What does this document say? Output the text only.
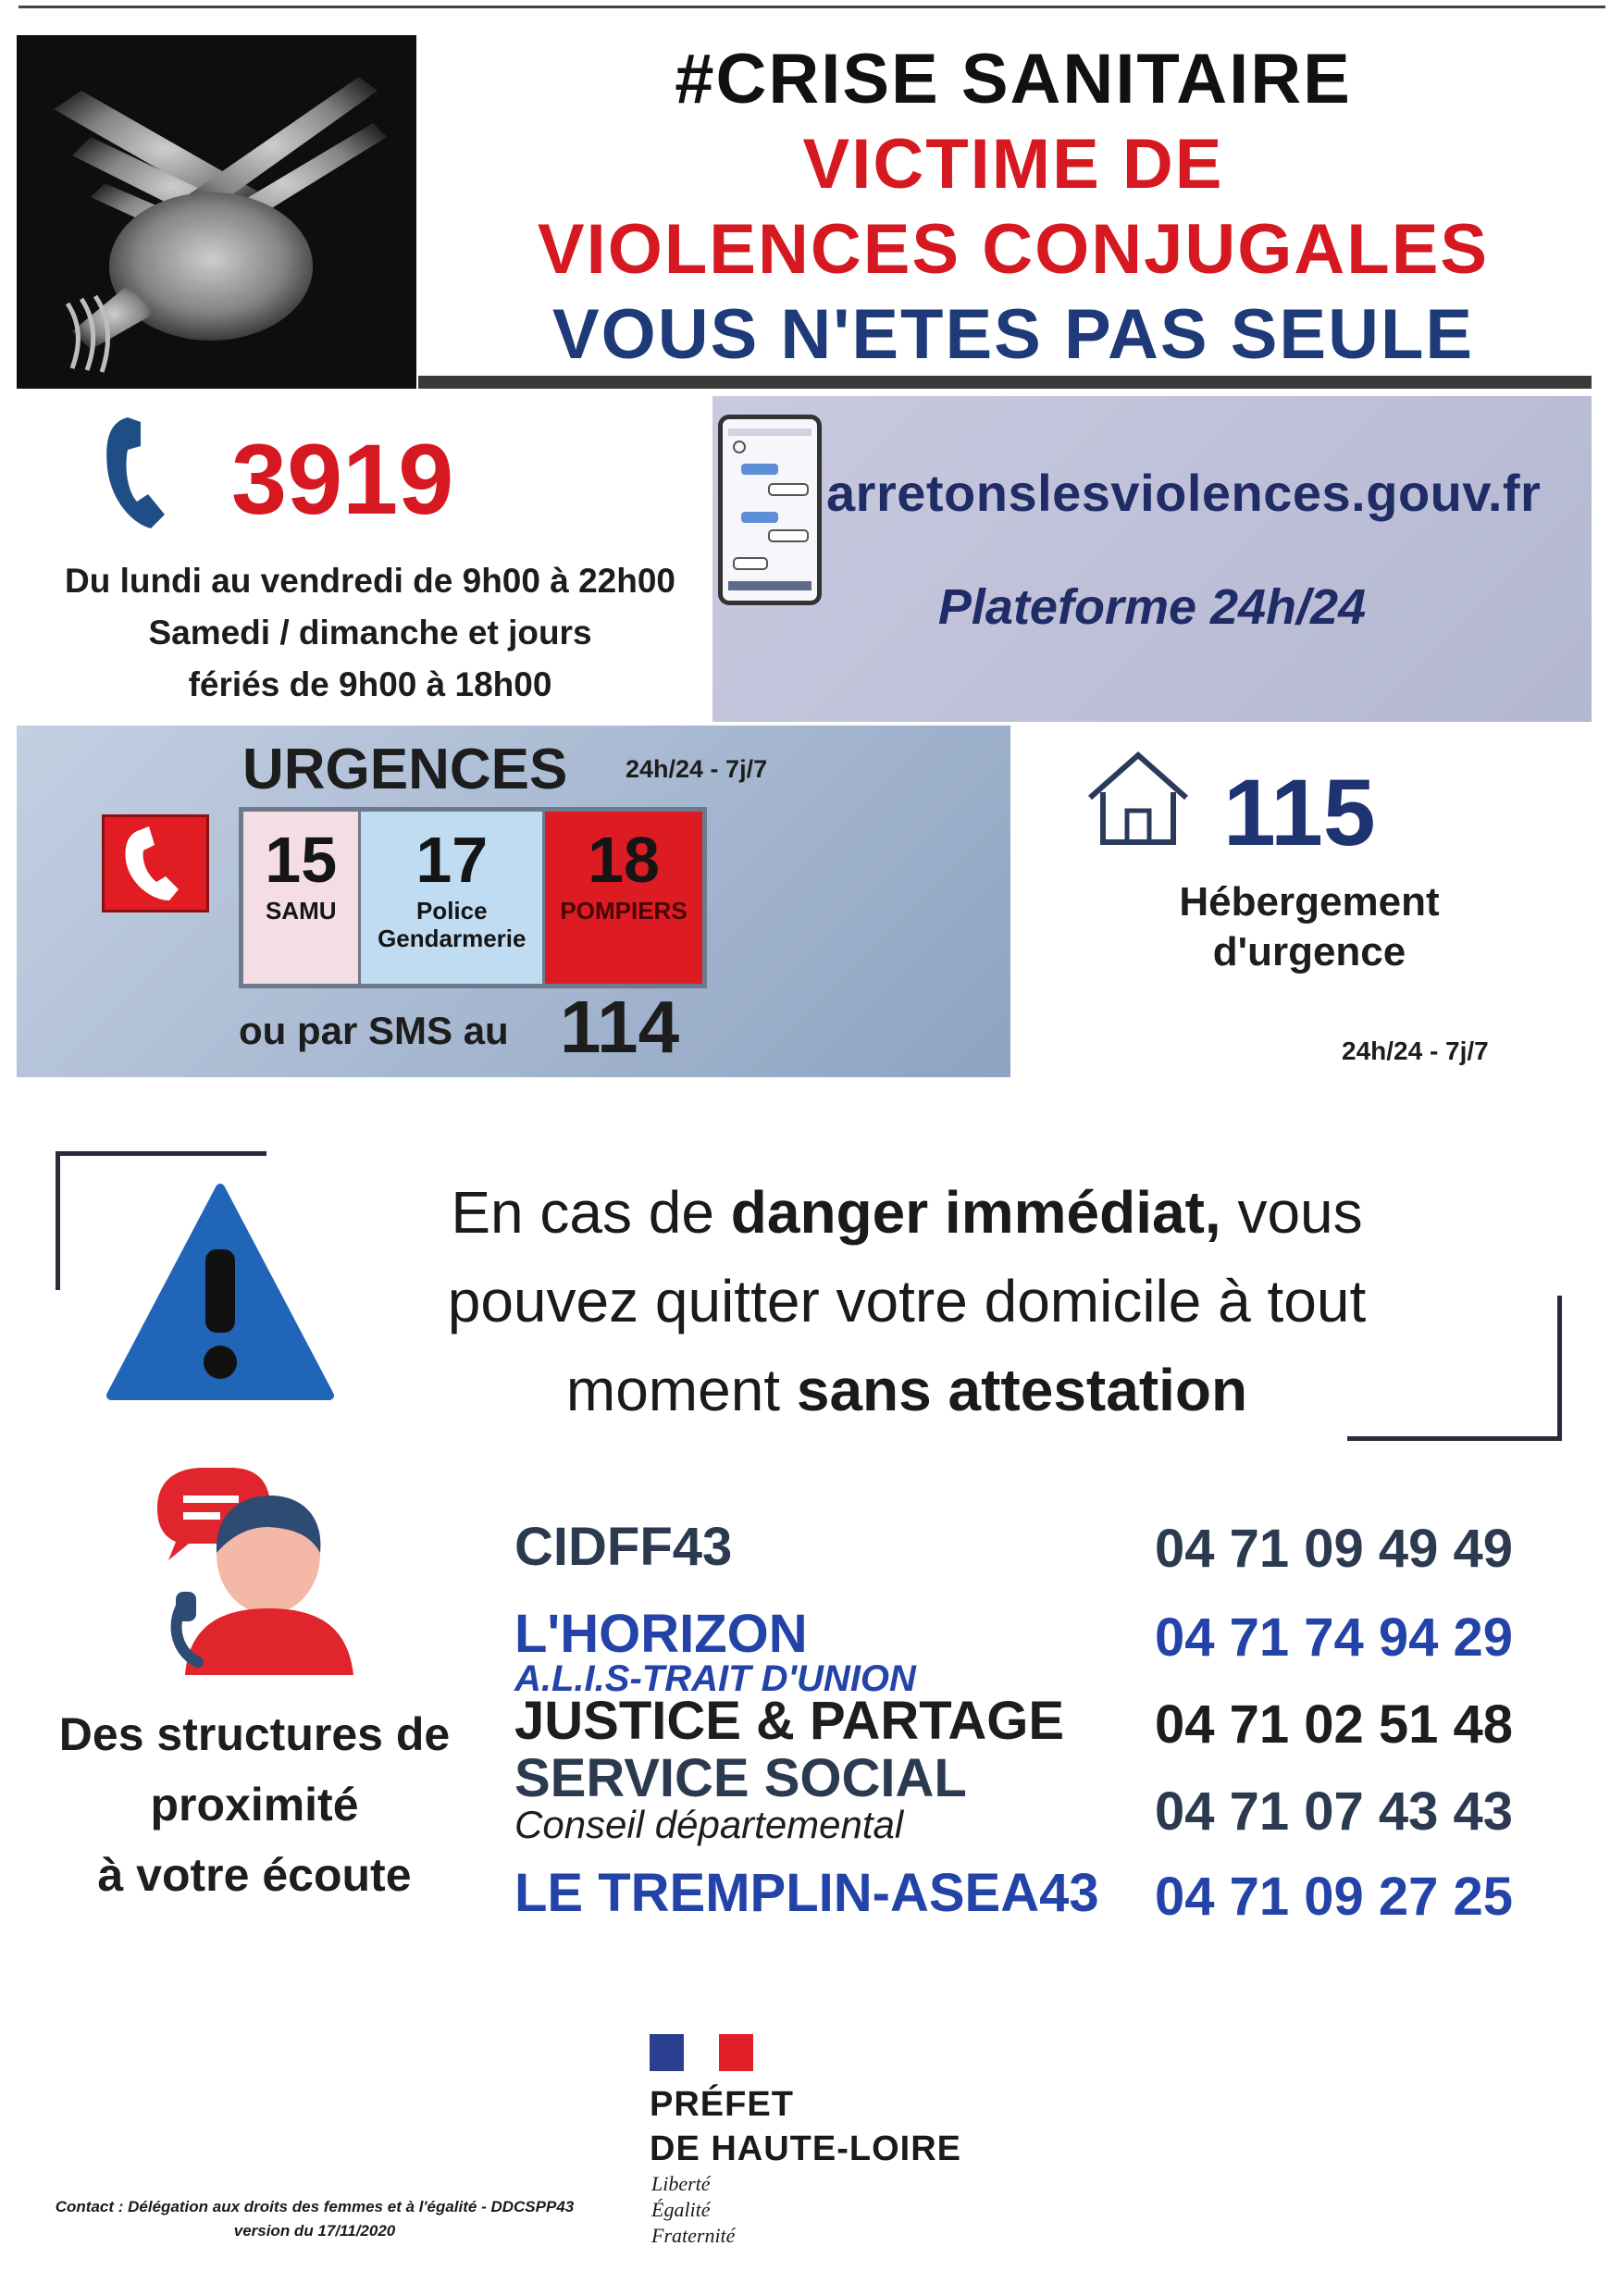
#CRISE SANITAIRE
VICTIME DE
VIOLENCES CONJUGALES
VOUS N'ETES PAS SEULE
3919
Du lundi au vendredi de 9h00 à 22h00
Samedi / dimanche et jours
fériés de 9h00 à 18h00
arretonslesviolences.gouv.fr
Plateforme 24h/24
URGENCES 24h/24 - 7j/7
15
SAMU
17
Police
Gendarmerie
18
POMPIERS
ou par SMS au 114
115
Hébergement
d'urgence
24h/24 - 7j/7
En cas de danger immédiat, vous
pouvez quitter votre domicile à tout
moment sans attestation
Des structures de
proximité
à votre écoute
CIDFF43
L'HORIZON
A.L.I.S-TRAIT D'UNION
JUSTICE & PARTAGE
SERVICE SOCIAL
Conseil départemental
LE TREMPLIN-ASEA43
04 71 09 49 49
04 71 74 94 29
04 71 02 51 48
04 71 07 43 43
04 71 09 27 25
PRÉFET
DE HAUTE-LOIRE
Liberté
Égalité
Fraternité
Contact : Délégation aux droits des femmes et à l'égalité - DDCSPP43
version du 17/11/2020
